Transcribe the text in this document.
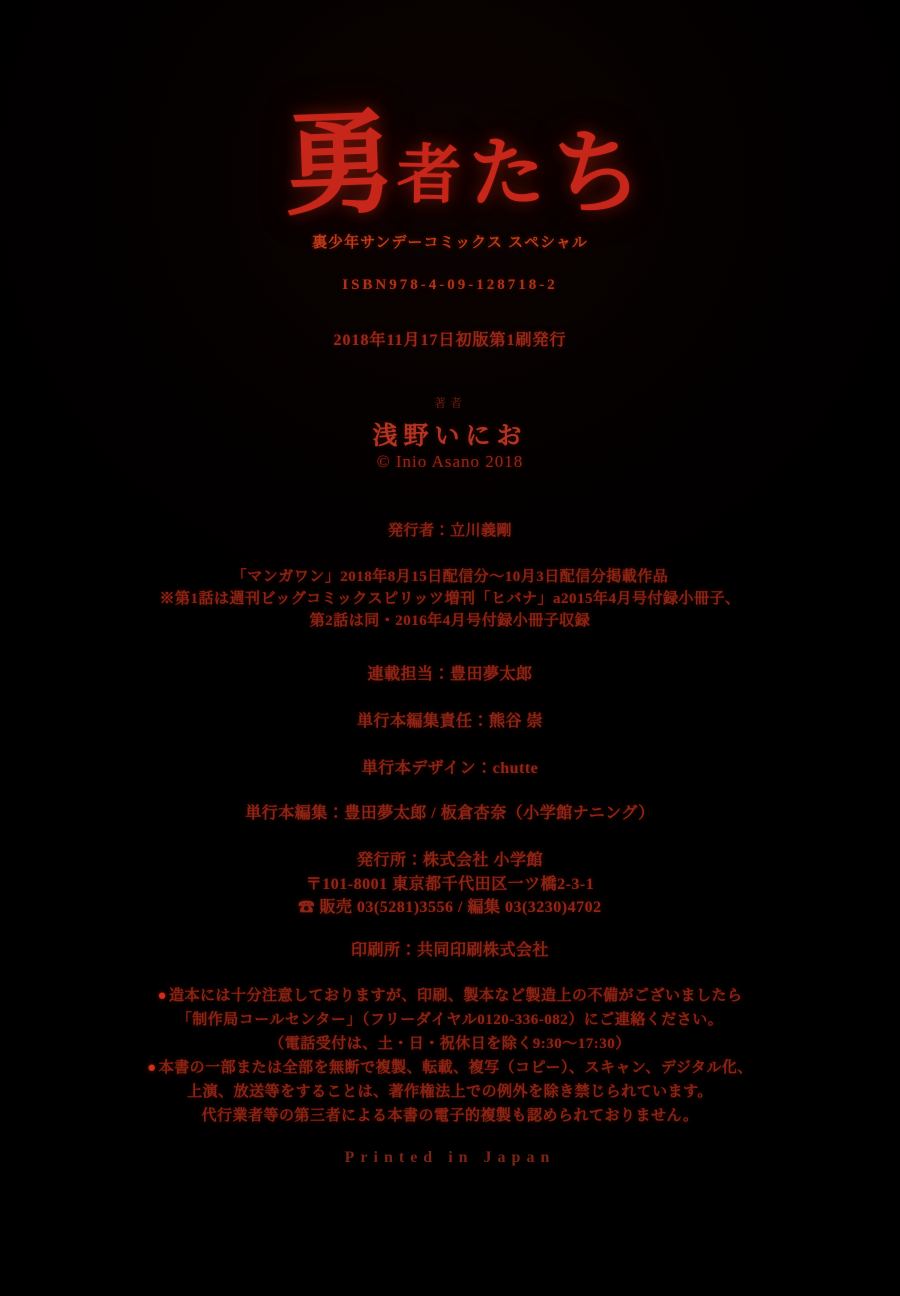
勇
者 た ち
裏少年サンデーコミックス スペシャル
ISBN978-4-09-128718-2
2018年11月17日初版第1刷発行
著者
浅野いにお
© Inio Asano 2018
発行者：立川義剛
「マンガワン」2018年8月15日配信分～10月3日配信分掲載作品
※第1話は週刊ビッグコミックスピリッツ増刊「ヒバナ」a2015年4月号付録小冊子、
第2話は同・2016年4月号付録小冊子収録
連載担当：豊田夢太郎
単行本編集責任：熊谷 崇
単行本デザイン：chutte
単行本編集：豊田夢太郎 / 板倉杏奈（小学館ナニング）
発行所：株式会社 小学館
〒101-8001 東京都千代田区一ツ橋2-3-1
☎ 販売 03(5281)3556 / 編集 03(3230)4702
印刷所：共同印刷株式会社
● 造本には十分注意しておりますが、印刷、製本など製造上の不備がございましたら
「制作局コールセンター」（フリーダイヤル0120-336-082）にご連絡ください。
（電話受付は、土・日・祝休日を除く9:30～17:30）
● 本書の一部または全部を無断で複製、転載、複写（コピー）、スキャン、デジタル化、
上演、放送等をすることは、著作権法上での例外を除き禁じられています。
代行業者等の第三者による本書の電子的複製も認められておりません。
Printed in Japan
